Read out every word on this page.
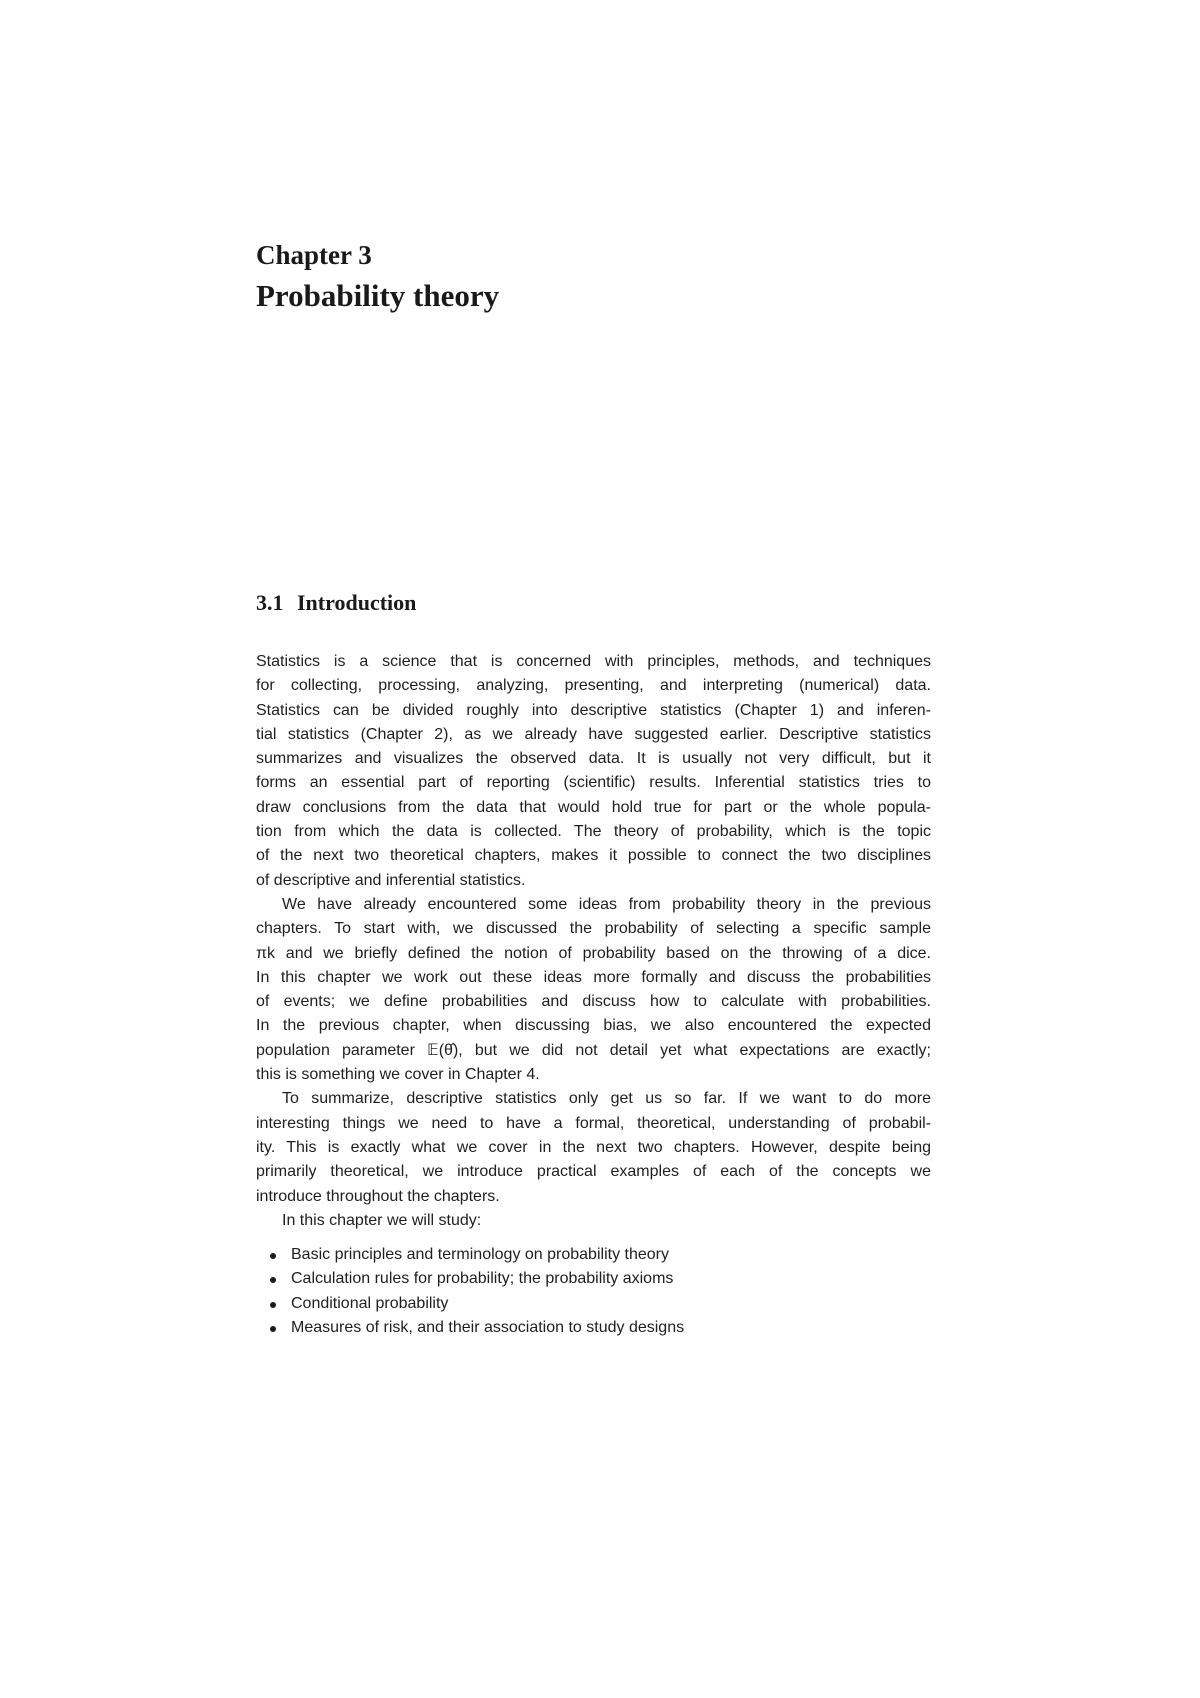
Chapter 3
Probability theory
3.1 Introduction

Statistics is a science that is concerned with principles, methods, and techniques
for collecting, processing, analyzing, presenting, and interpreting (numerical) data.
Statistics can be divided roughly into descriptive statistics (Chapter 1) and inferen-
tial statistics (Chapter 2), as we already have suggested earlier. Descriptive statistics
summarizes and visualizes the observed data. It is usually not very difficult, but it
forms an essential part of reporting (scientific) results. Inferential statistics tries to
draw conclusions from the data that would hold true for part or the whole popula-
tion from which the data is collected. The theory of probability, which is the topic
of the next two theoretical chapters, makes it possible to connect the two disciplines
of descriptive and inferential statistics.

We have already encountered some ideas from probability theory in the previous
chapters. To start with, we discussed the probability of selecting a specific sample
πk and we briefly defined the notion of probability based on the throwing of a dice.
In this chapter we work out these ideas more formally and discuss the probabilities
of events; we define probabilities and discuss how to calculate with probabilities.
In the previous chapter, when discussing bias, we also encountered the expected
population parameter 𝔼(θ̂), but we did not detail yet what expectations are exactly;
this is something we cover in Chapter 4.

To summarize, descriptive statistics only get us so far. If we want to do more
interesting things we need to have a formal, theoretical, understanding of probabil-
ity. This is exactly what we cover in the next two chapters. However, despite being
primarily theoretical, we introduce practical examples of each of the concepts we
introduce throughout the chapters.

In this chapter we will study:

Basic principles and terminology on probability theory
Calculation rules for probability; the probability axioms
Conditional probability
Measures of risk, and their association to study designs
